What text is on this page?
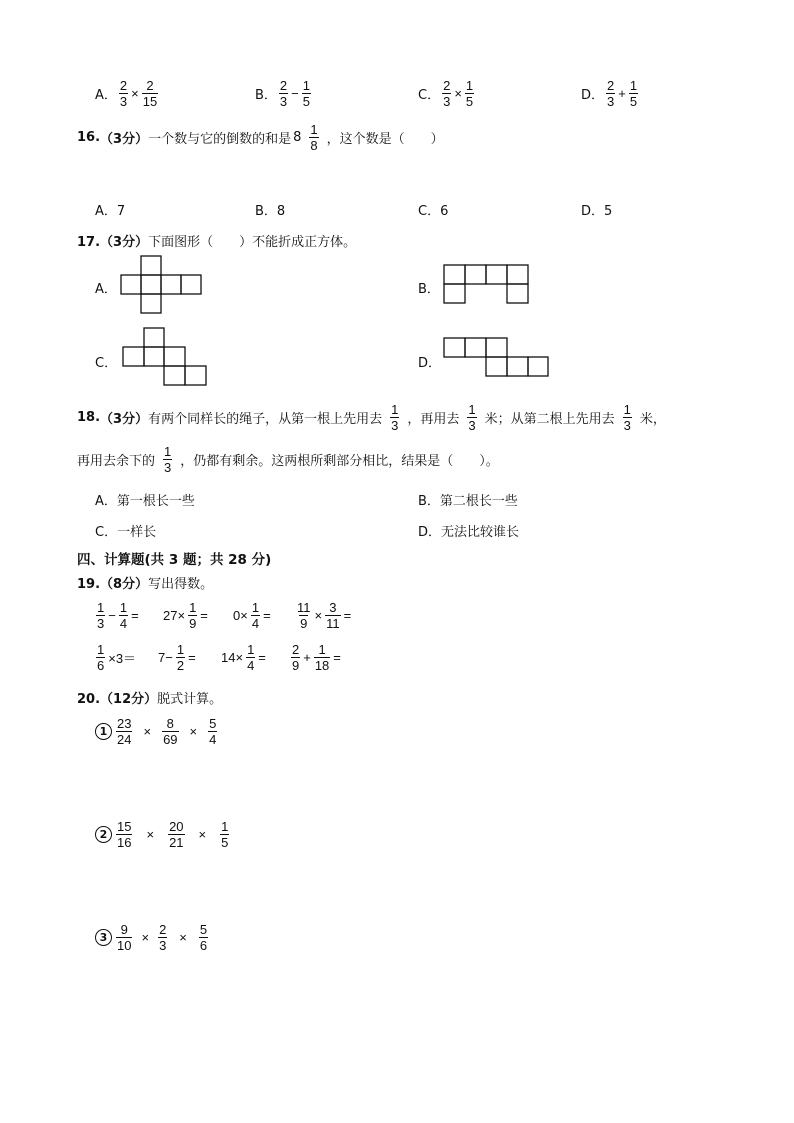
A． $\frac{2}{3} \times \frac{2}{15}$	B． $\frac{2}{3} - \frac{1}{5}$	C． $\frac{2}{3} \times \frac{1}{5}$	D． $\frac{2}{3} + \frac{1}{5}$
16. （3分） 一个数与它的倒数的和是 $8 \frac{1}{8}$ ，这个数是（　　）
A．7	B．8	C．6	D．5
17.（3分）下面图形（　　）不能折成正方体。
A．	B．
C．	D．
18. （3分） 有两个同样长的绳子，从第一根上先用去 $\frac{1}{3}$ ，再用去 $\frac{1}{3}$ 米；从第二根上先用去 $\frac{1}{3}$ 米，
再用去余下的 $\frac{1}{3}$ ，仍都有剩余。这两根所剩部分相比，结果是（　　）。
A．第一根长一些	B．第二根长一些
C．一样长	D．无法比较谁长
四、计算题(共 3 题；共 28 分)
19.（8分）写出得数。
$\frac{1}{3} - \frac{1}{4} = 27\times \frac{1}{9} = 0\times \frac{1}{4} = \frac{11}{9} \times \frac{3}{11}$ =
$\frac{1}{6} \times 3= 7- \frac{1}{2} = 14\times \frac{1}{4} = \frac{2}{9} + \frac{1}{18}$ =
20.（12分）脱式计算。
$1 \frac{23}{24} \times \frac{8}{69} \times \frac{5}{4}$
$2 \frac{15}{16} \times \frac{20}{21} \times \frac{1}{5}$
$3 \frac{9}{10} \times \frac{2}{3} \times \frac{5}{6}$
